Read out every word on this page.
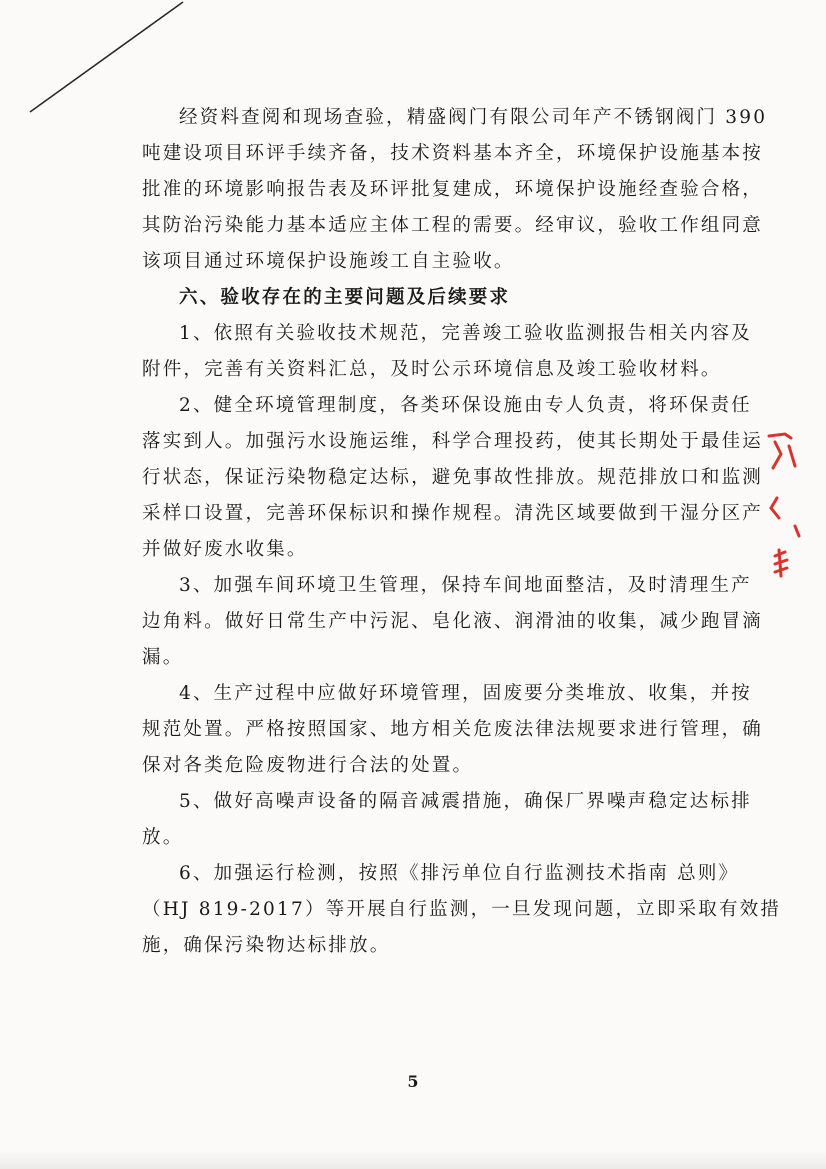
经资料查阅和现场查验，精盛阀门有限公司年产不锈钢阀门 390
吨建设项目环评手续齐备，技术资料基本齐全，环境保护设施基本按
批准的环境影响报告表及环评批复建成，环境保护设施经查验合格，
其防治污染能力基本适应主体工程的需要。经审议，验收工作组同意
该项目通过环境保护设施竣工自主验收。
六、验收存在的主要问题及后续要求
1、依照有关验收技术规范，完善竣工验收监测报告相关内容及
附件，完善有关资料汇总，及时公示环境信息及竣工验收材料。
2、健全环境管理制度，各类环保设施由专人负责，将环保责任
落实到人。加强污水设施运维，科学合理投药，使其长期处于最佳运
行状态，保证污染物稳定达标，避免事故性排放。规范排放口和监测
采样口设置，完善环保标识和操作规程。清洗区域要做到干湿分区产
并做好废水收集。
3、加强车间环境卫生管理，保持车间地面整洁，及时清理生产
边角料。做好日常生产中污泥、皂化液、润滑油的收集，减少跑冒滴
漏。
4、生产过程中应做好环境管理，固废要分类堆放、收集，并按
规范处置。严格按照国家、地方相关危废法律法规要求进行管理，确
保对各类危险废物进行合法的处置。
5、做好高噪声设备的隔音减震措施，确保厂界噪声稳定达标排
放。
6、加强运行检测，按照《排污单位自行监测技术指南 总则》
（HJ 819-2017）等开展自行监测，一旦发现问题，立即采取有效措
施，确保污染物达标排放。
5
